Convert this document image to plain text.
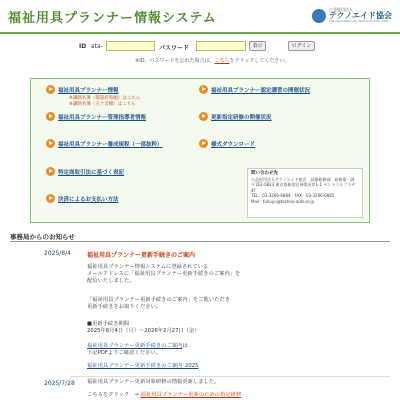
福祉用具プランナー情報システム
公益財団法人
テクノエイド協会
The Association for Technical Aids (ATA)
ID ata-	パスワード	表示	ログイン
※ID、パスワードを忘れた場合は、こちらをクリックしてください。
福祉用具プランナー情報
※講師名簿（都道府県順）はこちら
※講師名簿（五十音順）はこちら
福祉用具プランナー管理指導者情報
福祉用具プランナー養成規程（一部抜粋）
特定商取引法に基づく表記
決済によるお支払い方法
福祉用具プランナー認定講習の開催状況
更新指定研修の開催状況
様式ダウンロード
問い合わせ先
公益財団法人テクノエイド協会　試験研修部　研修第一課
〒162-0823 東京都新宿区神楽河岸1-1 セントラルプラザ4F
TEL：03-3266-6884　FAX：03-3266-6885
Mail：fukuyu@techno-aids.or.jp
事務局からのお知らせ
2025/8/4	福祉用具プランナー更新手続きのご案内
福祉用具プランナー情報システムに登録されている
メールアドレスに「福祉用具プランナー更新手続きのご案内」を
配信いたしました。
「福祉用具プランナー更新手続きのご案内」をご覧いただき
更新手続きをお取りください。
■更新手続き期間
2025年8月4日（月）～2026年2月27日（金）
福祉用具プランナー更新手続きのご案内は
下記PDFよりご確認ください。
福祉用具プランナー更新手続きのご案内_2025
2025/7/28 福祉用具プランナー更新対象研修の情報更新しました。
こちらをクリック　→ 福祉用具プランナー更新のための指定研修
